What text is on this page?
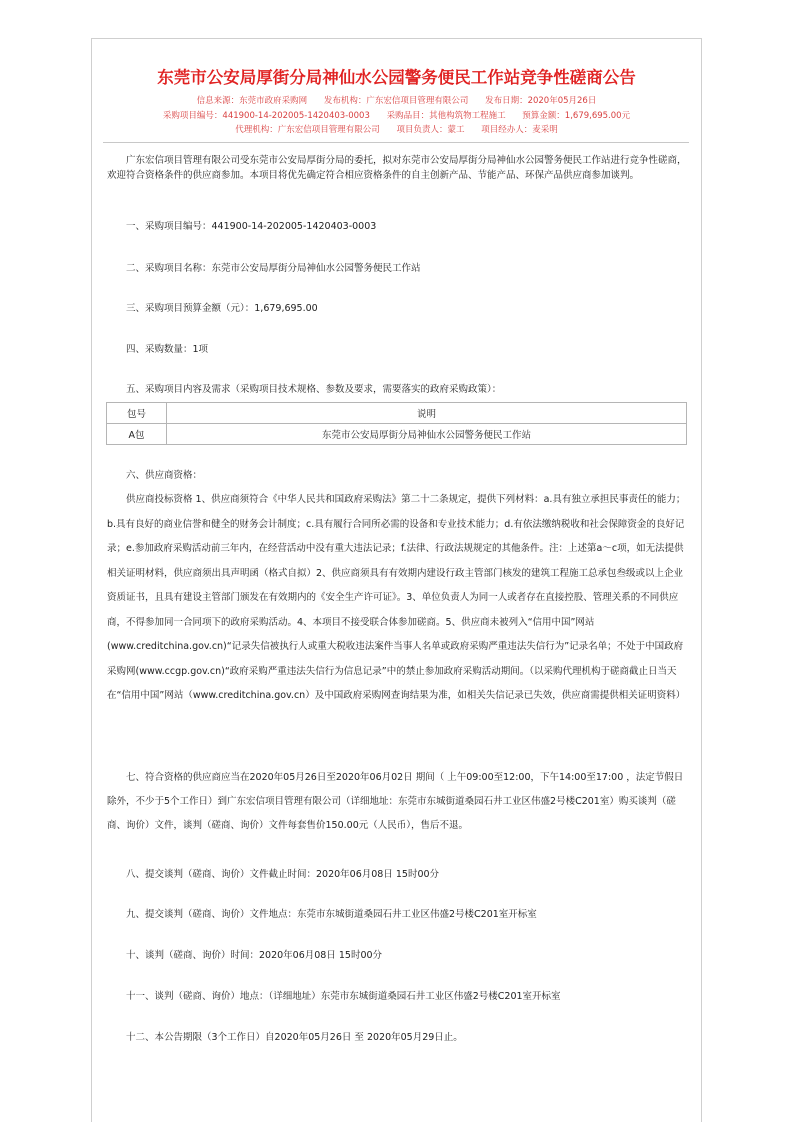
东莞市公安局厚街分局神仙水公园警务便民工作站竞争性磋商公告
信息来源：东莞市政府采购网 发布机构：广东宏信项目管理有限公司 发布日期：2020年05月26日
采购项目编号：441900-14-202005-1420403-0003 采购品目：其他构筑物工程施工 预算金额：1,679,695.00元
代理机构：广东宏信项目管理有限公司 项目负责人：蒙工 项目经办人：麦采明

广东宏信项目管理有限公司受东莞市公安局厚街分局的委托，拟对东莞市公安局厚街分局神仙水公园警务便民工作站进行竞争性磋商，欢迎符合资格条件的供应商参加。本项目将优先确定符合相应资格条件的自主创新产品、节能产品、环保产品供应商参加谈判。

一、采购项目编号：441900-14-202005-1420403-0003

二、采购项目名称：东莞市公安局厚街分局神仙水公园警务便民工作站

三、采购项目预算金额（元）：1,679,695.00

四、采购数量：1项

五、采购项目内容及需求（采购项目技术规格、参数及要求，需要落实的政府采购政策）：

包号	说明
A包	东莞市公安局厚街分局神仙水公园警务便民工作站

六、供应商资格：

供应商投标资格 1、供应商须符合《中华人民共和国政府采购法》第二十二条规定，提供下列材料：a.具有独立承担民事责任的能力；b.具有良好的商业信誉和健全的财务会计制度；c.具有履行合同所必需的设备和专业技术能力；d.有依法缴纳税收和社会保障资金的良好记录；e.参加政府采购活动前三年内，在经营活动中没有重大违法记录；f.法律、行政法规规定的其他条件。注：上述第a～c项，如无法提供相关证明材料，供应商须出具声明函（格式自拟）2、供应商须具有有效期内建设行政主管部门核发的建筑工程施工总承包叁级或以上企业资质证书，且具有建设主管部门颁发在有效期内的《安全生产许可证》。3、单位负责人为同一人或者存在直接控股、管理关系的不同供应商，不得参加同一合同项下的政府采购活动。4、本项目不接受联合体参加磋商。5、供应商未被列入“信用中国”网站(www.creditchina.gov.cn)“记录失信被执行人或重大税收违法案件当事人名单或政府采购严重违法失信行为”记录名单；不处于中国政府采购网(www.ccgp.gov.cn)“政府采购严重违法失信行为信息记录”中的禁止参加政府采购活动期间。（以采购代理机构于磋商截止日当天在“信用中国”网站（www.creditchina.gov.cn）及中国政府采购网查询结果为准，如相关失信记录已失效，供应商需提供相关证明资料）

七、符合资格的供应商应当在2020年05月26日至2020年06月02日 期间（ 上午09:00至12:00，下午14:00至17:00 ，法定节假日除外，不少于5个工作日）到广东宏信项目管理有限公司（详细地址：东莞市东城街道桑园石井工业区伟盛2号楼C201室）购买谈判（磋商、询价）文件，谈判（磋商、询价）文件每套售价150.00元（人民币），售后不退。

八、提交谈判（磋商、询价）文件截止时间：2020年06月08日 15时00分

九、提交谈判（磋商、询价）文件地点：东莞市东城街道桑园石井工业区伟盛2号楼C201室开标室

十、谈判（磋商、询价）时间：2020年06月08日 15时00分

十一、谈判（磋商、询价）地点：（详细地址）东莞市东城街道桑园石井工业区伟盛2号楼C201室开标室

十二、本公告期限（3个工作日）自2020年05月26日 至 2020年05月29日止。
